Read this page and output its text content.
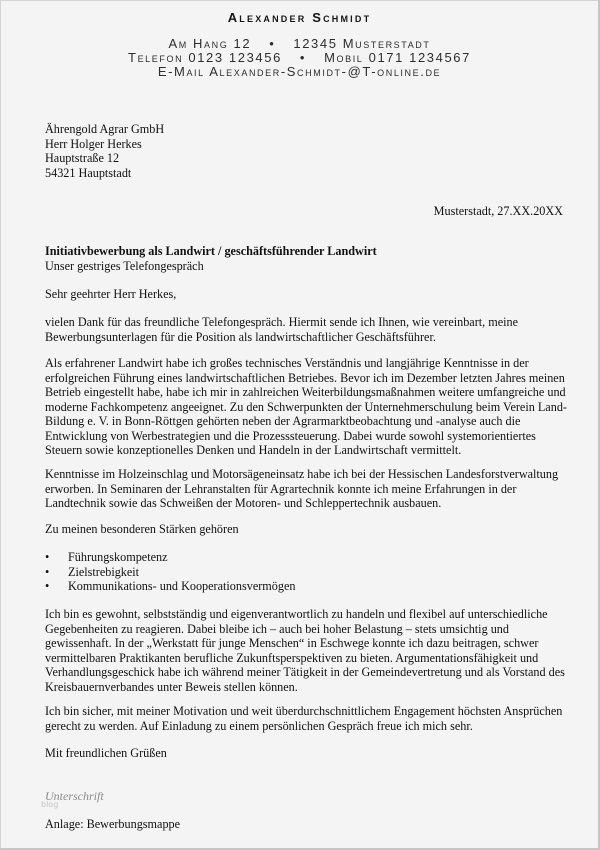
Alexander Schmidt
Am Hang 12 • 12345 Musterstadt
Telefon 0123 123456 • Mobil 0171 1234567
E-Mail Alexander-Schmidt-@T-online.de
Ährengold Agrar GmbH
Herr Holger Herkes
Hauptstraße 12
54321 Hauptstadt
Musterstadt, 27.XX.20XX
Initiativbewerbung als Landwirt / geschäftsführender Landwirt
Unser gestriges Telefongespräch
Sehr geehrter Herr Herkes,

vielen Dank für das freundliche Telefongespräch. Hiermit sende ich Ihnen, wie vereinbart, meine Bewerbungsunterlagen für die Position als landwirtschaftlicher Geschäftsführer.

Als erfahrener Landwirt habe ich großes technisches Verständnis und langjährige Kenntnisse in der erfolgreichen Führung eines landwirtschaftlichen Betriebes. Bevor ich im Dezember letzten Jahres meinen Betrieb eingestellt habe, habe ich mir in zahlreichen Weiterbildungsmaßnahmen weitere umfangreiche und moderne Fachkompetenz angeeignet. Zu den Schwerpunkten der Unternehmerschulung beim Verein Land-Bildung e. V. in Bonn-Röttgen gehörten neben der Agrarmarktbeobachtung und -analyse auch die Entwicklung von Werbestrategien und die Prozesssteuerung. Dabei wurde sowohl systemorientiertes Steuern sowie konzeptionelles Denken und Handeln in der Landwirtschaft vermittelt.

Kenntnisse im Holzeinschlag und Motorsägeneinsatz habe ich bei der Hessischen Landesforstverwaltung erworben. In Seminaren der Lehranstalten für Agrartechnik konnte ich meine Erfahrungen in der Landtechnik sowie das Schweißen der Motoren- und Schleppertechnik ausbauen.

Zu meinen besonderen Stärken gehören

• Führungskompetenz
• Zielstrebigkeit
• Kommunikations- und Kooperationsvermögen

Ich bin es gewohnt, selbstständig und eigenverantwortlich zu handeln und flexibel auf unterschiedliche Gegebenheiten zu reagieren. Dabei bleibe ich – auch bei hoher Belastung – stets umsichtig und gewissenhaft. In der „Werkstatt für junge Menschen“ in Eschwege konnte ich dazu beitragen, schwer vermittelbaren Praktikanten berufliche Zukunftsperspektiven zu bieten. Argumentationsfähigkeit und Verhandlungsgeschick habe ich während meiner Tätigkeit in der Gemeindevertretung und als Vorstand des Kreisbauernverbandes unter Beweis stellen können.

Ich bin sicher, mit meiner Motivation und weit überdurchschnittlichem Engagement höchsten Ansprüchen gerecht zu werden. Auf Einladung zu einem persönlichen Gespräch freue ich mich sehr.

Mit freundlichen Grüßen
Unterschrift
blog
Anlage: Bewerbungsmappe
